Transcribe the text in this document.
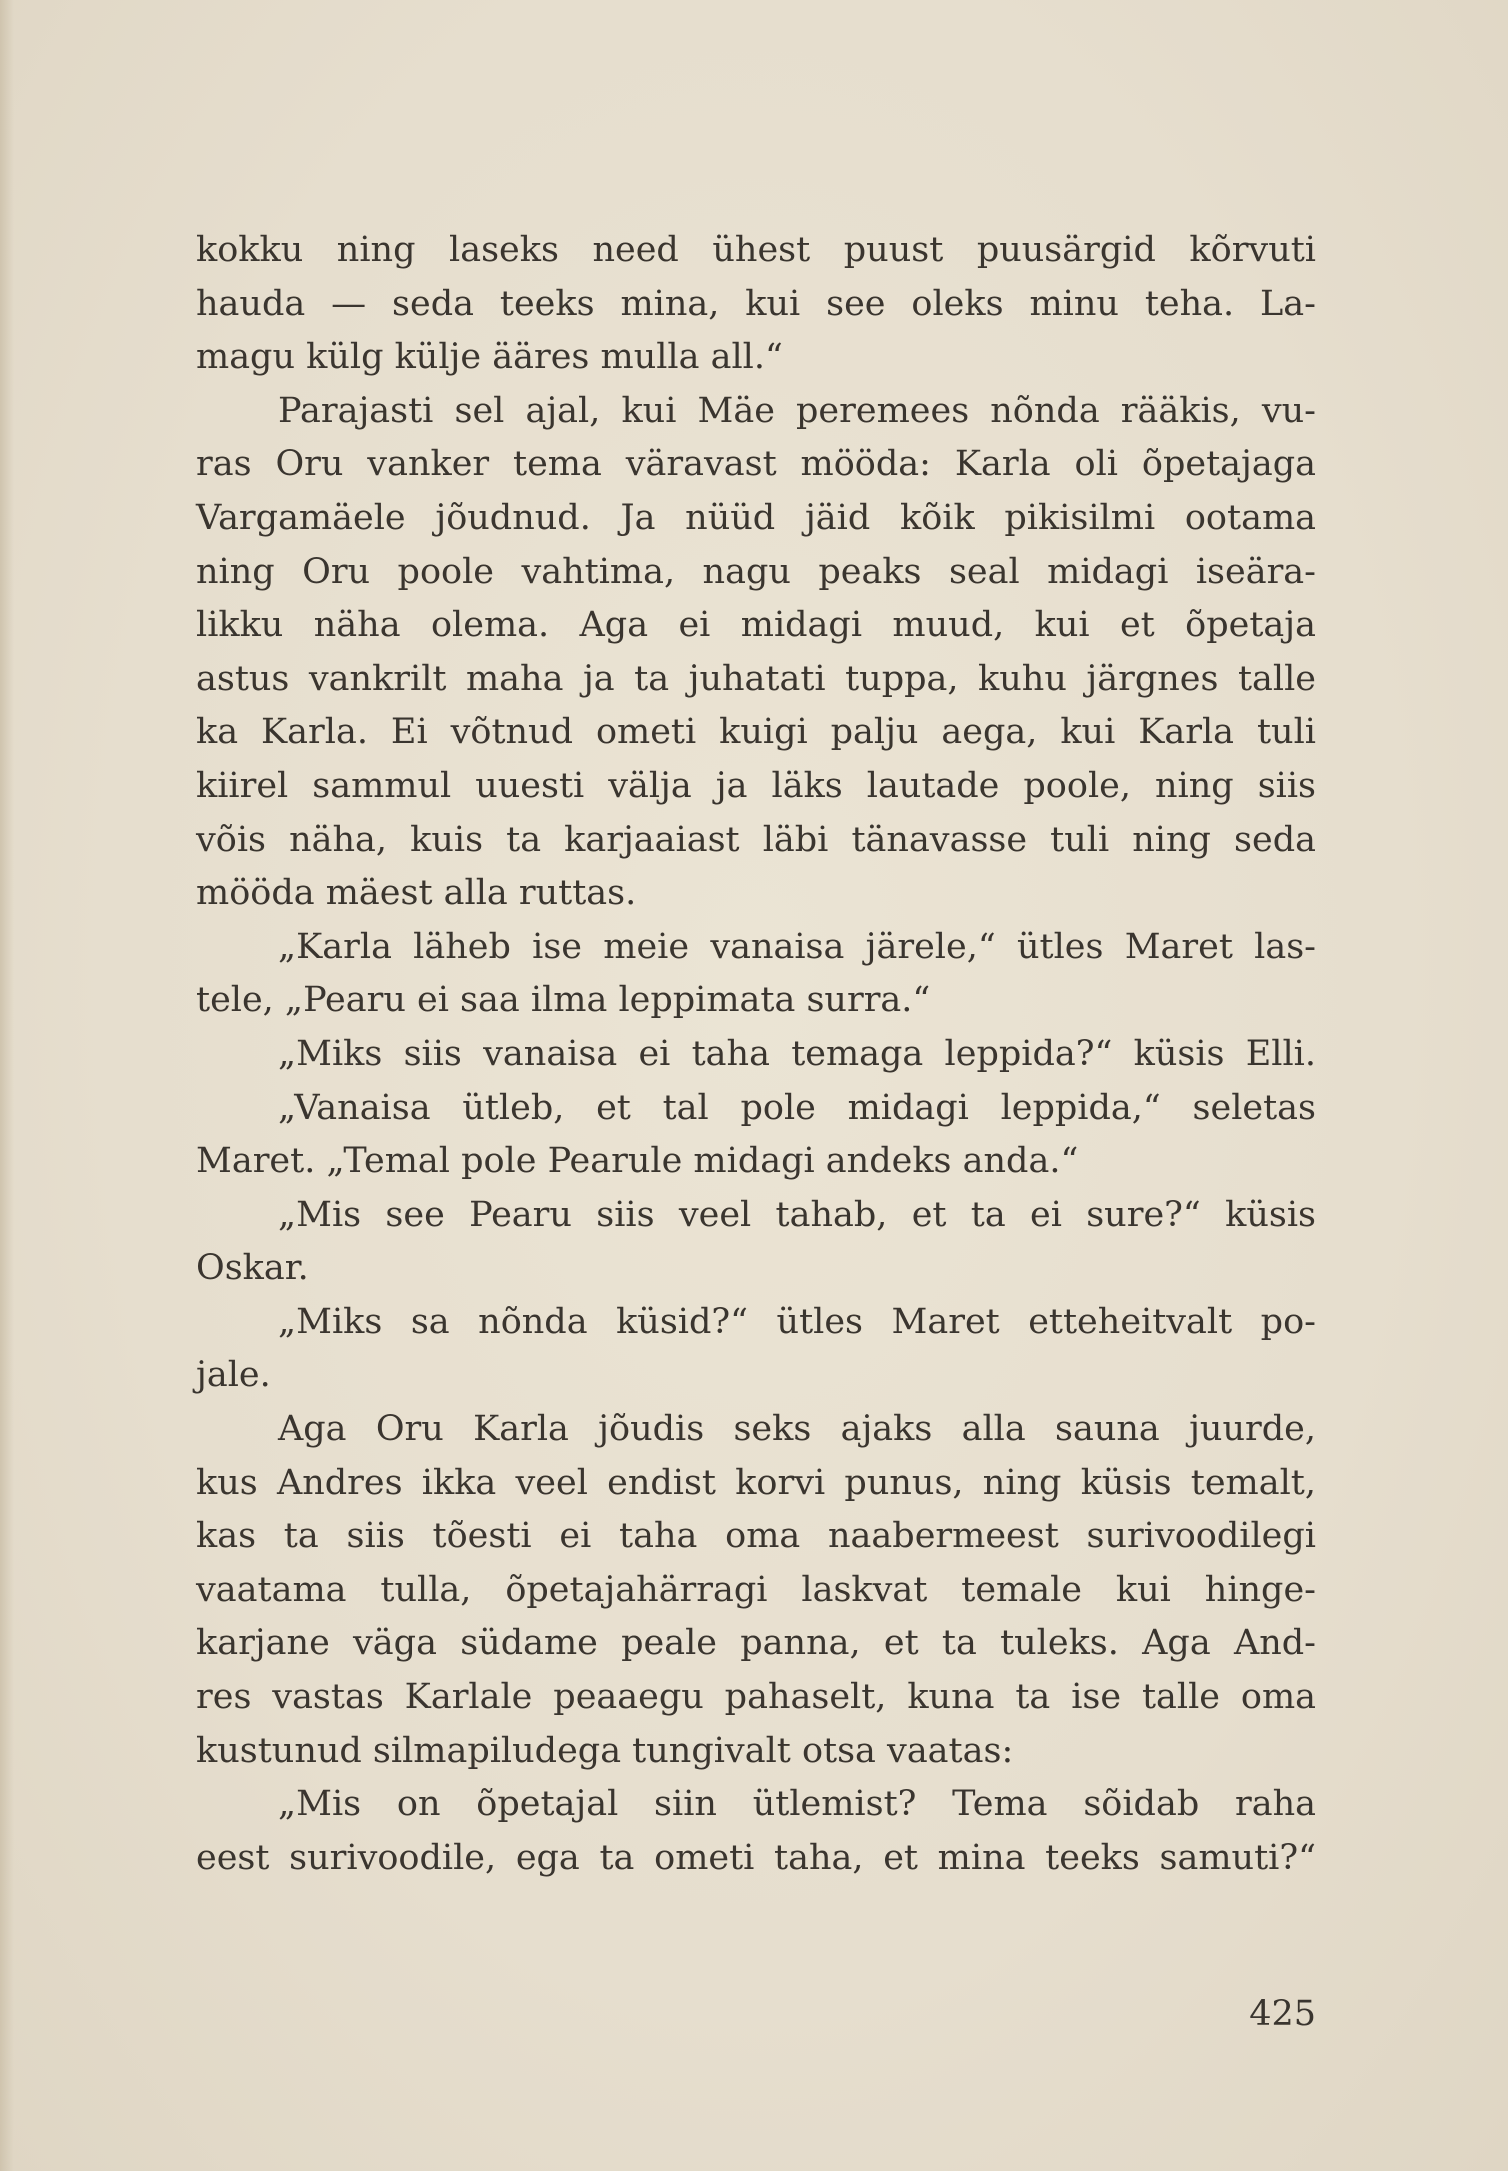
kokku ning laseks need ühest puust puusärgid kõrvuti
hauda — seda teeks mina, kui see oleks minu teha. La-
magu külg külje ääres mulla all.“
Parajasti sel ajal, kui Mäe peremees nõnda rääkis, vu-
ras Oru vanker tema väravast mööda: Karla oli õpetajaga
Vargamäele jõudnud. Ja nüüd jäid kõik pikisilmi ootama
ning Oru poole vahtima, nagu peaks seal midagi iseära-
likku näha olema. Aga ei midagi muud, kui et õpetaja
astus vankrilt maha ja ta juhatati tuppa, kuhu järgnes talle
ka Karla. Ei võtnud ometi kuigi palju aega, kui Karla tuli
kiirel sammul uuesti välja ja läks lautade poole, ning siis
võis näha, kuis ta karjaaiast läbi tänavasse tuli ning seda
mööda mäest alla ruttas.
„Karla läheb ise meie vanaisa järele,“ ütles Maret las-
tele, „Pearu ei saa ilma leppimata surra.“
„Miks siis vanaisa ei taha temaga leppida?“ küsis Elli.
„Vanaisa ütleb, et tal pole midagi leppida,“ seletas
Maret. „Temal pole Pearule midagi andeks anda.“
„Mis see Pearu siis veel tahab, et ta ei sure?“ küsis
Oskar.
„Miks sa nõnda küsid?“ ütles Maret etteheitvalt po-
jale.
Aga Oru Karla jõudis seks ajaks alla sauna juurde,
kus Andres ikka veel endist korvi punus, ning küsis temalt,
kas ta siis tõesti ei taha oma naabermeest surivoodilegi
vaatama tulla, õpetajahärragi laskvat temale kui hinge-
karjane väga südame peale panna, et ta tuleks. Aga And-
res vastas Karlale peaaegu pahaselt, kuna ta ise talle oma
kustunud silmapiludega tungivalt otsa vaatas:
„Mis on õpetajal siin ütlemist? Tema sõidab raha
eest surivoodile, ega ta ometi taha, et mina teeks samuti?“
425
